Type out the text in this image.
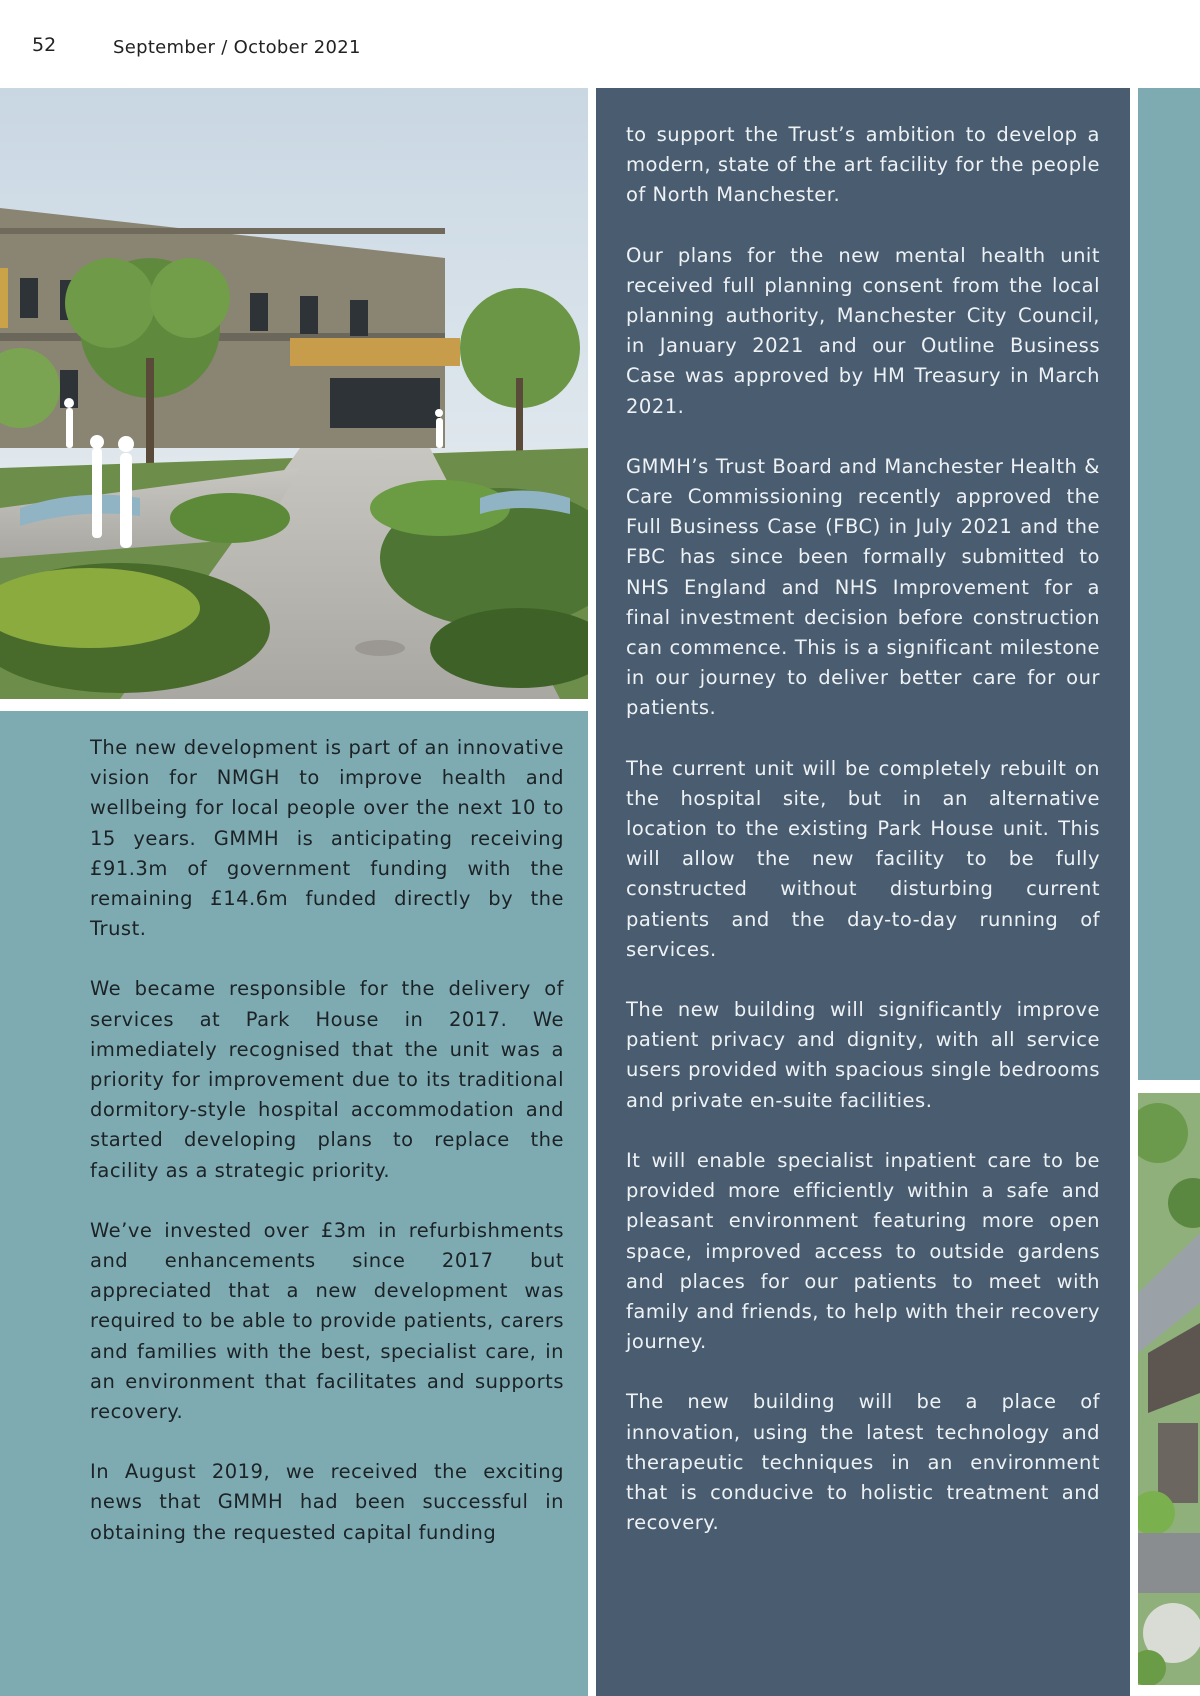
52	September / October 2021

The new development is part of an innovative vision for NMGH to improve health and wellbeing for local people over the next 10 to 15 years. GMMH is anticipating receiving £91.3m of government funding with the remaining £14.6m funded directly by the Trust.

We became responsible for the delivery of services at Park House in 2017. We immediately recognised that the unit was a priority for improvement due to its traditional dormitory-style hospital accommodation and started developing plans to replace the facility as a strategic priority.

We’ve invested over £3m in refurbishments and enhancements since 2017 but appreciated that a new development was required to be able to provide patients, carers and families with the best, specialist care, in an environment that facilitates and supports recovery.

In August 2019, we received the exciting news that GMMH had been successful in obtaining the requested capital funding

to support the Trust’s ambition to develop a modern, state of the art facility for the people of North Manchester.

Our plans for the new mental health unit received full planning consent from the local planning authority, Manchester City Council, in January 2021 and our Outline Business Case was approved by HM Treasury in March 2021.

GMMH’s Trust Board and Manchester Health & Care Commissioning recently approved the Full Business Case (FBC) in July 2021 and the FBC has since been formally submitted to NHS England and NHS Improvement for a final investment decision before construction can commence. This is a significant milestone in our journey to deliver better care for our patients.

The current unit will be completely rebuilt on the hospital site, but in an alternative location to the existing Park House unit. This will allow the new facility to be fully constructed without disturbing current patients and the day-to-day running of services.

The new building will significantly improve patient privacy and dignity, with all service users provided with spacious single bedrooms and private en-suite facilities.

It will enable specialist inpatient care to be provided more efficiently within a safe and pleasant environment featuring more open space, improved access to outside gardens and places for our patients to meet with family and friends, to help with their recovery journey.

The new building will be a place of innovation, using the latest technology and therapeutic techniques in an environment that is conducive to holistic treatment and recovery.
